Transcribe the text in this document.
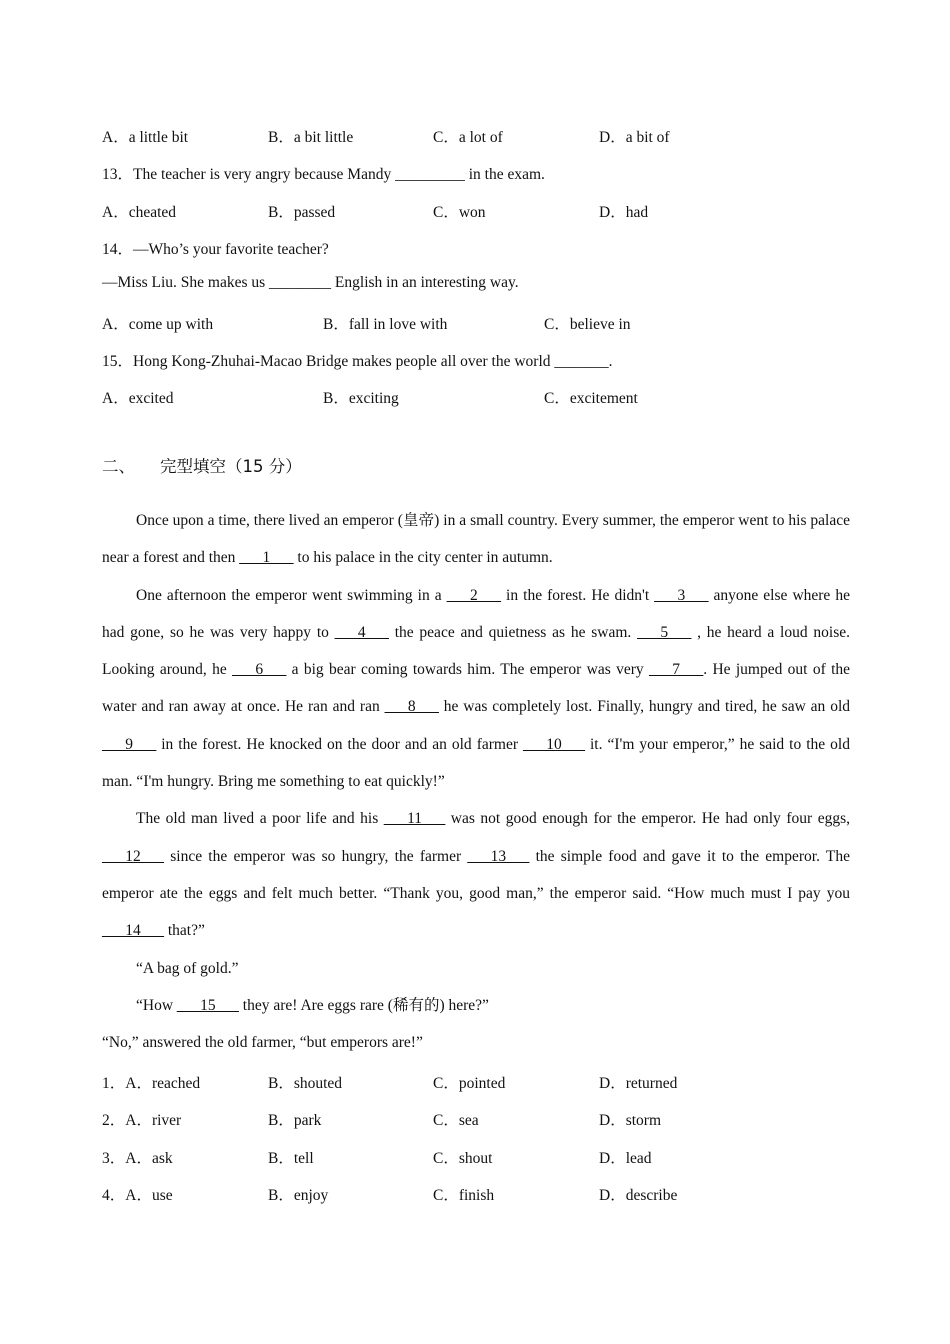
A．a little bit	B．a bit little	C．a lot of	D．a bit of
13．The teacher is very angry because Mandy _________ in the exam.
A．cheated	B．passed	C．won	D．had
14．—Who’s your favorite teacher?
—Miss Liu. She makes us ________ English in an interesting way.
A．come up with	B．fall in love with	C．believe in
15．Hong Kong-Zhuhai-Macao Bridge makes people all over the world _______.
A．excited	B．exciting	C．excitement
二、 完型填空（15 分）

Once upon a time, there lived an emperor (皇帝) in a small country. Every summer, the emperor went to his palace near a forest and then ___1___ to his palace in the city center in autumn.

One afternoon the emperor went swimming in a ___2___ in the forest. He didn't ___3___ anyone else where he had gone, so he was very happy to ___4___ the peace and quietness as he swam. ___5___ , he heard a loud noise. Looking around, he ___6___ a big bear coming towards him. The emperor was very ___7___. He jumped out of the water and ran away at once. He ran and ran ___8___ he was completely lost. Finally, hungry and tired, he saw an old ___9___ in the forest. He knocked on the door and an old farmer ___10___ it. “I'm your emperor,” he said to the old man. “I'm hungry. Bring me something to eat quickly!”

The old man lived a poor life and his ___11___ was not good enough for the emperor. He had only four eggs, ___12___ since the emperor was so hungry, the farmer ___13___ the simple food and gave it to the emperor. The emperor ate the eggs and felt much better. “Thank you, good man,” the emperor said. “How much must I pay you ___14___ that?”

“A bag of gold.”

“How ___15___ they are! Are eggs rare (稀有的) here?”

“No,” answered the old farmer, “but emperors are!”

1．A．reached	B．shouted	C．pointed	D．returned
2．A．river	B．park	C．sea	D．storm
3．A．ask	B．tell	C．shout	D．lead
4．A．use	B．enjoy	C．finish	D．describe
